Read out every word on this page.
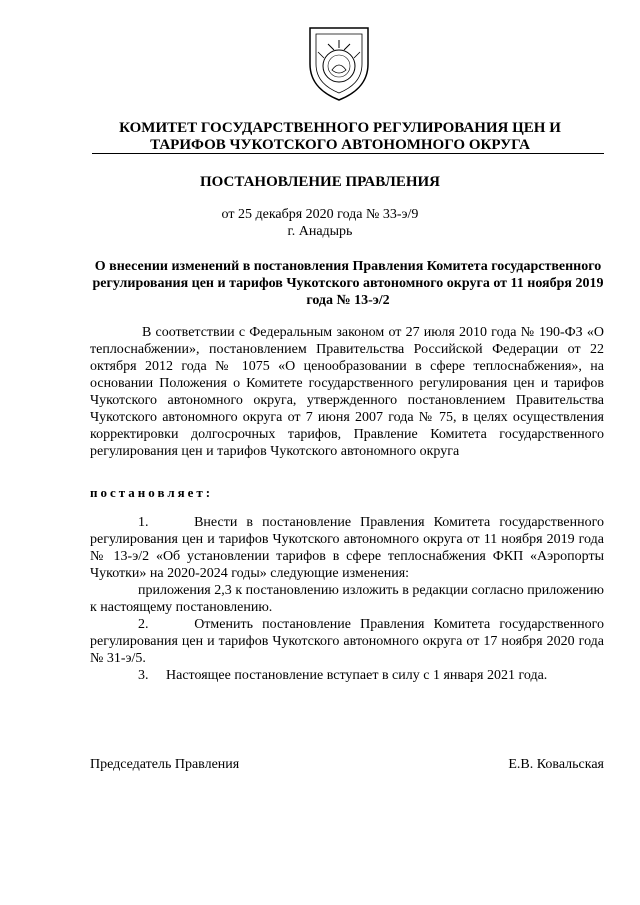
КОМИТЕТ ГОСУДАРСТВЕННОГО РЕГУЛИРОВАНИЯ ЦЕН И
ТАРИФОВ ЧУКОТСКОГО АВТОНОМНОГО ОКРУГА
ПОСТАНОВЛЕНИЕ ПРАВЛЕНИЯ
от 25 декабря 2020 года № 33-э/9
г. Анадырь
О внесении изменений в постановления Правления Комитета государственного регулирования цен и тарифов Чукотского автономного округа от 11 ноября 2019 года № 13-э/2
В соответствии с Федеральным законом от 27 июля 2010 года № 190-ФЗ «О теплоснабжении», постановлением Правительства Российской Федерации от 22 октября 2012 года № 1075 «О ценообразовании в сфере теплоснабжения», на основании Положения о Комитете государственного регулирования цен и тарифов Чукотского автономного округа, утвержденного постановлением Правительства Чукотского автономного округа от 7 июня 2007 года № 75, в целях осуществления корректировки долгосрочных тарифов, Правление Комитета государственного регулирования цен и тарифов Чукотского автономного округа
постановляет:

1.	Внести в постановление Правления Комитета государственного регулирования цен и тарифов Чукотского автономного округа от 11 ноября 2019 года № 13-э/2 «Об установлении тарифов в сфере теплоснабжения ФКП «Аэропорты Чукотки» на 2020-2024 годы» следующие изменения:

приложения 2,3 к постановлению изложить в редакции согласно приложению к настоящему постановлению.

2.	Отменить постановление Правления Комитета государственного регулирования цен и тарифов Чукотского автономного округа от 17 ноября 2020 года № 31-э/5.

3. Настоящее постановление вступает в силу с 1 января 2021 года.

Председатель Правления	Е.В. Ковальская
